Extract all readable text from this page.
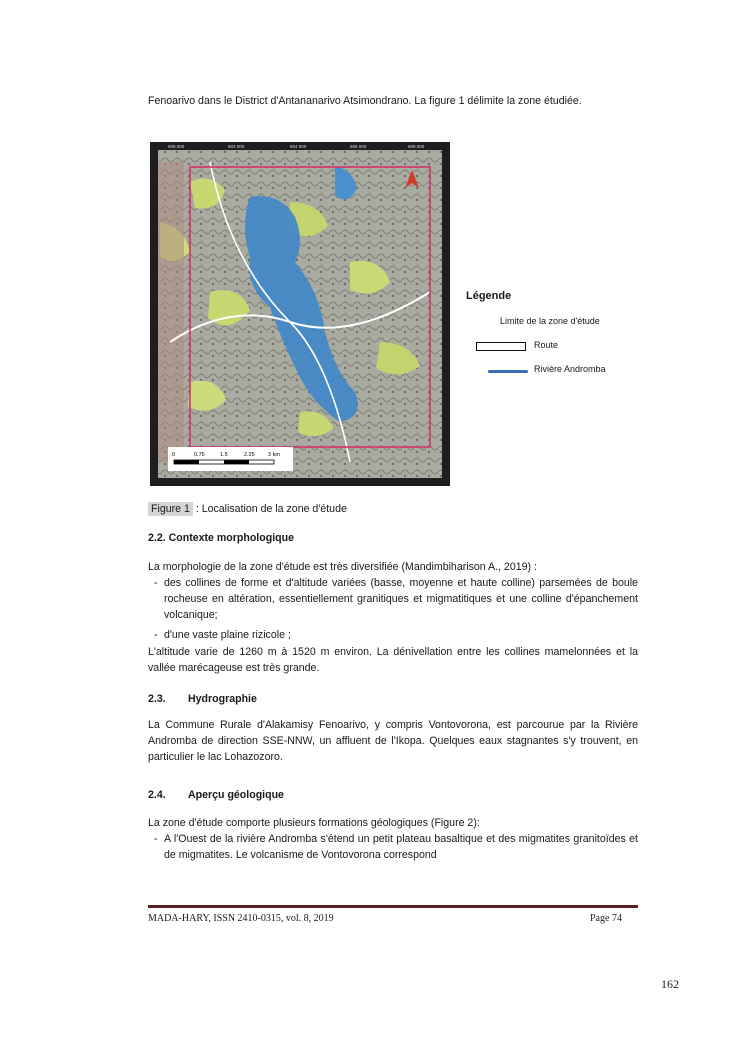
Fenoarivo dans le District d'Antananarivo Atsimondrano. La figure 1 délimite la zone étudiée.
0	0.75	1.5	2.25 3 km
506 000	502 000	504 000	506 000	508 000
Légende
Limite de la zone d'étude
Route
Rivière Andromba
Figure 1 : Localisation de la zone d'étude
2.2. Contexte morphologique
La morphologie de la zone d'étude est très diversifiée (Mandimbiharison A., 2019) :
- des collines de forme et d'altitude variées (basse, moyenne et haute colline) parsemées de boule rocheuse en altération, essentiellement granitiques et migmatitiques et une colline d'épanchement volcanique;
- d'une vaste plaine rizicole ;
L'altitude varie de 1260 m à 1520 m environ. La dénivellation entre les collines mamelonnées et la vallée marécageuse est très grande.
2.3. Hydrographie
La Commune Rurale d'Alakamisy Fenoarivo, y compris Vontovorona, est parcourue par la Rivière Andromba de direction SSE-NNW, un affluent de l'Ikopa. Quelques eaux stagnantes s'y trouvent, en particulier le lac Lohazozoro.
2.4. Aperçu géologique
La zone d'étude comporte plusieurs formations géologiques (Figure 2):
- A l'Ouest de la rivière Andromba s'étend un petit plateau basaltique et des migmatites granitoïdes et de migmatites. Le volcanisme de Vontovorona correspond
MADA-HARY, ISSN 2410-0315, vol. 8, 2019	Page 74
162
